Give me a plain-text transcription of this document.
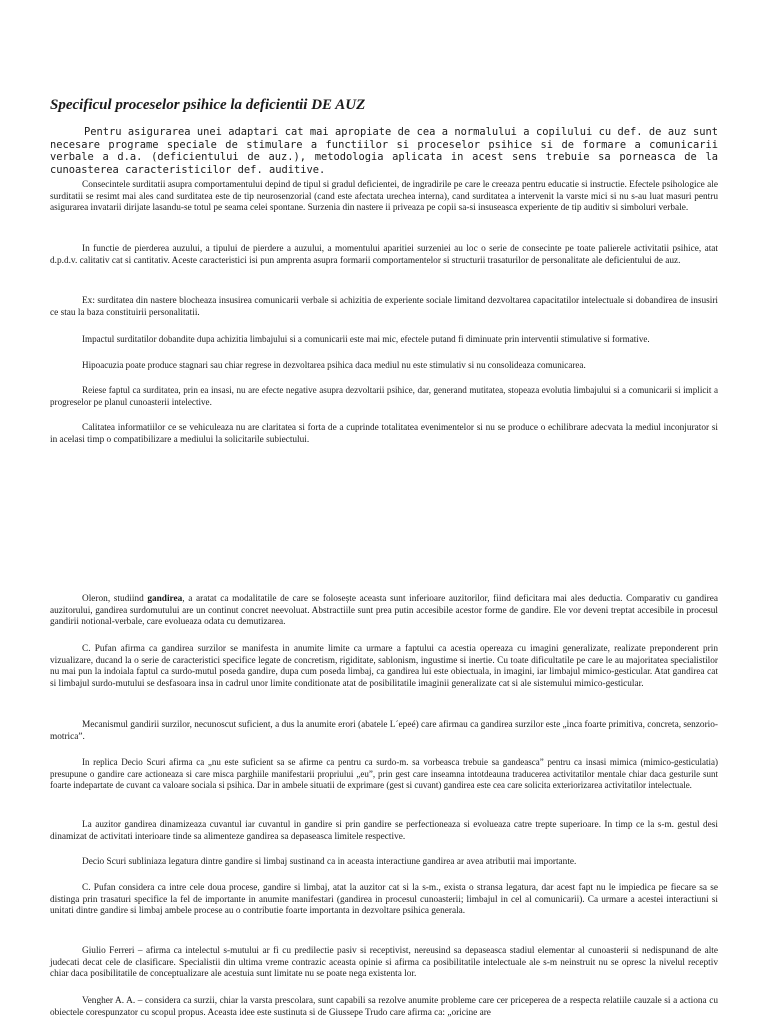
Specificul proceselor psihice la deficientii DE AUZ

Pentru asigurarea unei adaptari cat mai apropiate de cea a normalului a copilului cu def. de auz sunt necesare programe speciale de stimulare a functiilor si proceselor psihice si de formare a comunicarii verbale a d.a. (deficientului de auz.), metodologia aplicata in acest sens trebuie sa porneasca de la cunoasterea caracteristicilor def. auditive.

Consecintele surditatii asupra comportamentului depind de tipul si gradul deficientei, de ingradirile pe care le creeaza pentru educatie si instructie. Efectele psihologice ale surditatii se resimt mai ales cand surditatea este de tip neurosenzorial (cand este afectata urechea interna), cand surditatea a intervenit la varste mici si nu s-au luat masuri pentru asigurarea invatarii dirijate lasandu-se totul pe seama celei spontane. Surzenia din nastere ii priveaza pe copii sa-si insuseasca experiente de tip auditiv si simboluri verbale.

In functie de pierderea auzului, a tipului de pierdere a auzului, a momentului aparitiei surzeniei au loc o serie de consecinte pe toate palierele activitatii psihice, atat d.p.d.v. calitativ cat si cantitativ. Aceste caracteristici isi pun amprenta asupra formarii comportamentelor si structurii trasaturilor de personalitate ale deficientului de auz.

Ex: surditatea din nastere blocheaza insusirea comunicarii verbale si achizitia de experiente sociale limitand dezvoltarea capacitatilor intelectuale si dobandirea de insusiri ce stau la baza constituirii personalitatii.

Impactul surditatilor dobandite dupa achizitia limbajului si a comunicarii este mai mic, efectele putand fi diminuate prin interventii stimulative si formative.

Hipoacuzia poate produce stagnari sau chiar regrese in dezvoltarea psihica daca mediul nu este stimulativ si nu consolideaza comunicarea.

Reiese faptul ca surditatea, prin ea insasi, nu are efecte negative asupra dezvoltarii psihice, dar, generand mutitatea, stopeaza evolutia limbajului si a comunicarii si implicit a progreselor pe planul cunoasterii intelective.

Calitatea informatiilor ce se vehiculeaza nu are claritatea si forta de a cuprinde totalitatea evenimentelor si nu se produce o echilibrare adecvata la mediul inconjurator si in acelasi timp o compatibilizare a mediului la solicitarile subiectului.

Oleron, studiind gandirea, a aratat ca modalitatile de care se folosește aceasta sunt inferioare auzitorilor, fiind deficitara mai ales deductia. Comparativ cu gandirea auzitorului, gandirea surdomutului are un continut concret neevoluat. Abstractiile sunt prea putin accesibile acestor forme de gandire. Ele vor deveni treptat accesibile in procesul gandirii notional-verbale, care evolueaza odata cu demutizarea.

C. Pufan afirma ca gandirea surzilor se manifesta in anumite limite ca urmare a faptului ca acestia opereaza cu imagini generalizate, realizate preponderent prin vizualizare, ducand la o serie de caracteristici specifice legate de concretism, rigiditate, sablonism, ingustime si inertie. Cu toate dificultatile pe care le au majoritatea specialistilor nu mai pun la indoiala faptul ca surdo-mutul poseda gandire, dupa cum poseda limbaj, ca gandirea lui este obiectuala, in imagini, iar limbajul mimico-gesticular. Atat gandirea cat si limbajul surdo-mutului se desfasoara insa in cadrul unor limite conditionate atat de posibilitatile imaginii generalizate cat si ale sistemului mimico-gesticular.

Mecanismul gandirii surzilor, necunoscut suficient, a dus la anumite erori (abatele L´epeé) care afirmau ca gandirea surzilor este „inca foarte primitiva, concreta, senzorio-motrica”.

In replica Decio Scuri afirma ca „nu este suficient sa se afirme ca pentru ca surdo-m. sa vorbeasca trebuie sa gandeasca” pentru ca insasi mimica (mimico-gesticulatia) presupune o gandire care actioneaza si care misca parghiile manifestarii propriului „eu”, prin gest care inseamna intotdeauna traducerea activitatilor mentale chiar daca gesturile sunt foarte indepartate de cuvant ca valoare sociala si psihica. Dar in ambele situatii de exprimare (gest si cuvant) gandirea este cea care solicita exteriorizarea activitatilor intelectuale.

La auzitor gandirea dinamizeaza cuvantul iar cuvantul in gandire si prin gandire se perfectioneaza si evolueaza catre trepte superioare. In timp ce la s-m. gestul desi dinamizat de activitati interioare tinde sa alimenteze gandirea sa depaseasca limitele respective.

Decio Scuri subliniaza legatura dintre gandire si limbaj sustinand ca in aceasta interactiune gandirea ar avea atributii mai importante.

C. Pufan considera ca intre cele doua procese, gandire si limbaj, atat la auzitor cat si la s-m., exista o stransa legatura, dar acest fapt nu le impiedica pe fiecare sa se distinga prin trasaturi specifice la fel de importante in anumite manifestari (gandirea in procesul cunoasterii; limbajul in cel al comunicarii). Ca urmare a acestei interactiuni si unitati dintre gandire si limbaj ambele procese au o contributie foarte importanta in dezvoltare psihica generala.

Giulio Ferreri – afirma ca intelectul s-mutului ar fi cu predilectie pasiv si receptivist, nereusind sa depaseasca stadiul elementar al cunoasterii si nedispunand de alte judecati decat cele de clasificare. Specialistii din ultima vreme contrazic aceasta opinie si afirma ca posibilitatile intelectuale ale s-m neinstruit nu se opresc la nivelul receptiv chiar daca posibilitatile de conceptualizare ale acestuia sunt limitate nu se poate nega existenta lor.

Vengher A. A. – considera ca surzii, chiar la varsta prescolara, sunt capabili sa rezolve anumite probleme care cer priceperea de a respecta relatiile cauzale si a actiona cu obiectele corespunzator cu scopul propus. Aceasta idee este sustinuta si de Giussepe Trudo care afirma ca: „oricine are
